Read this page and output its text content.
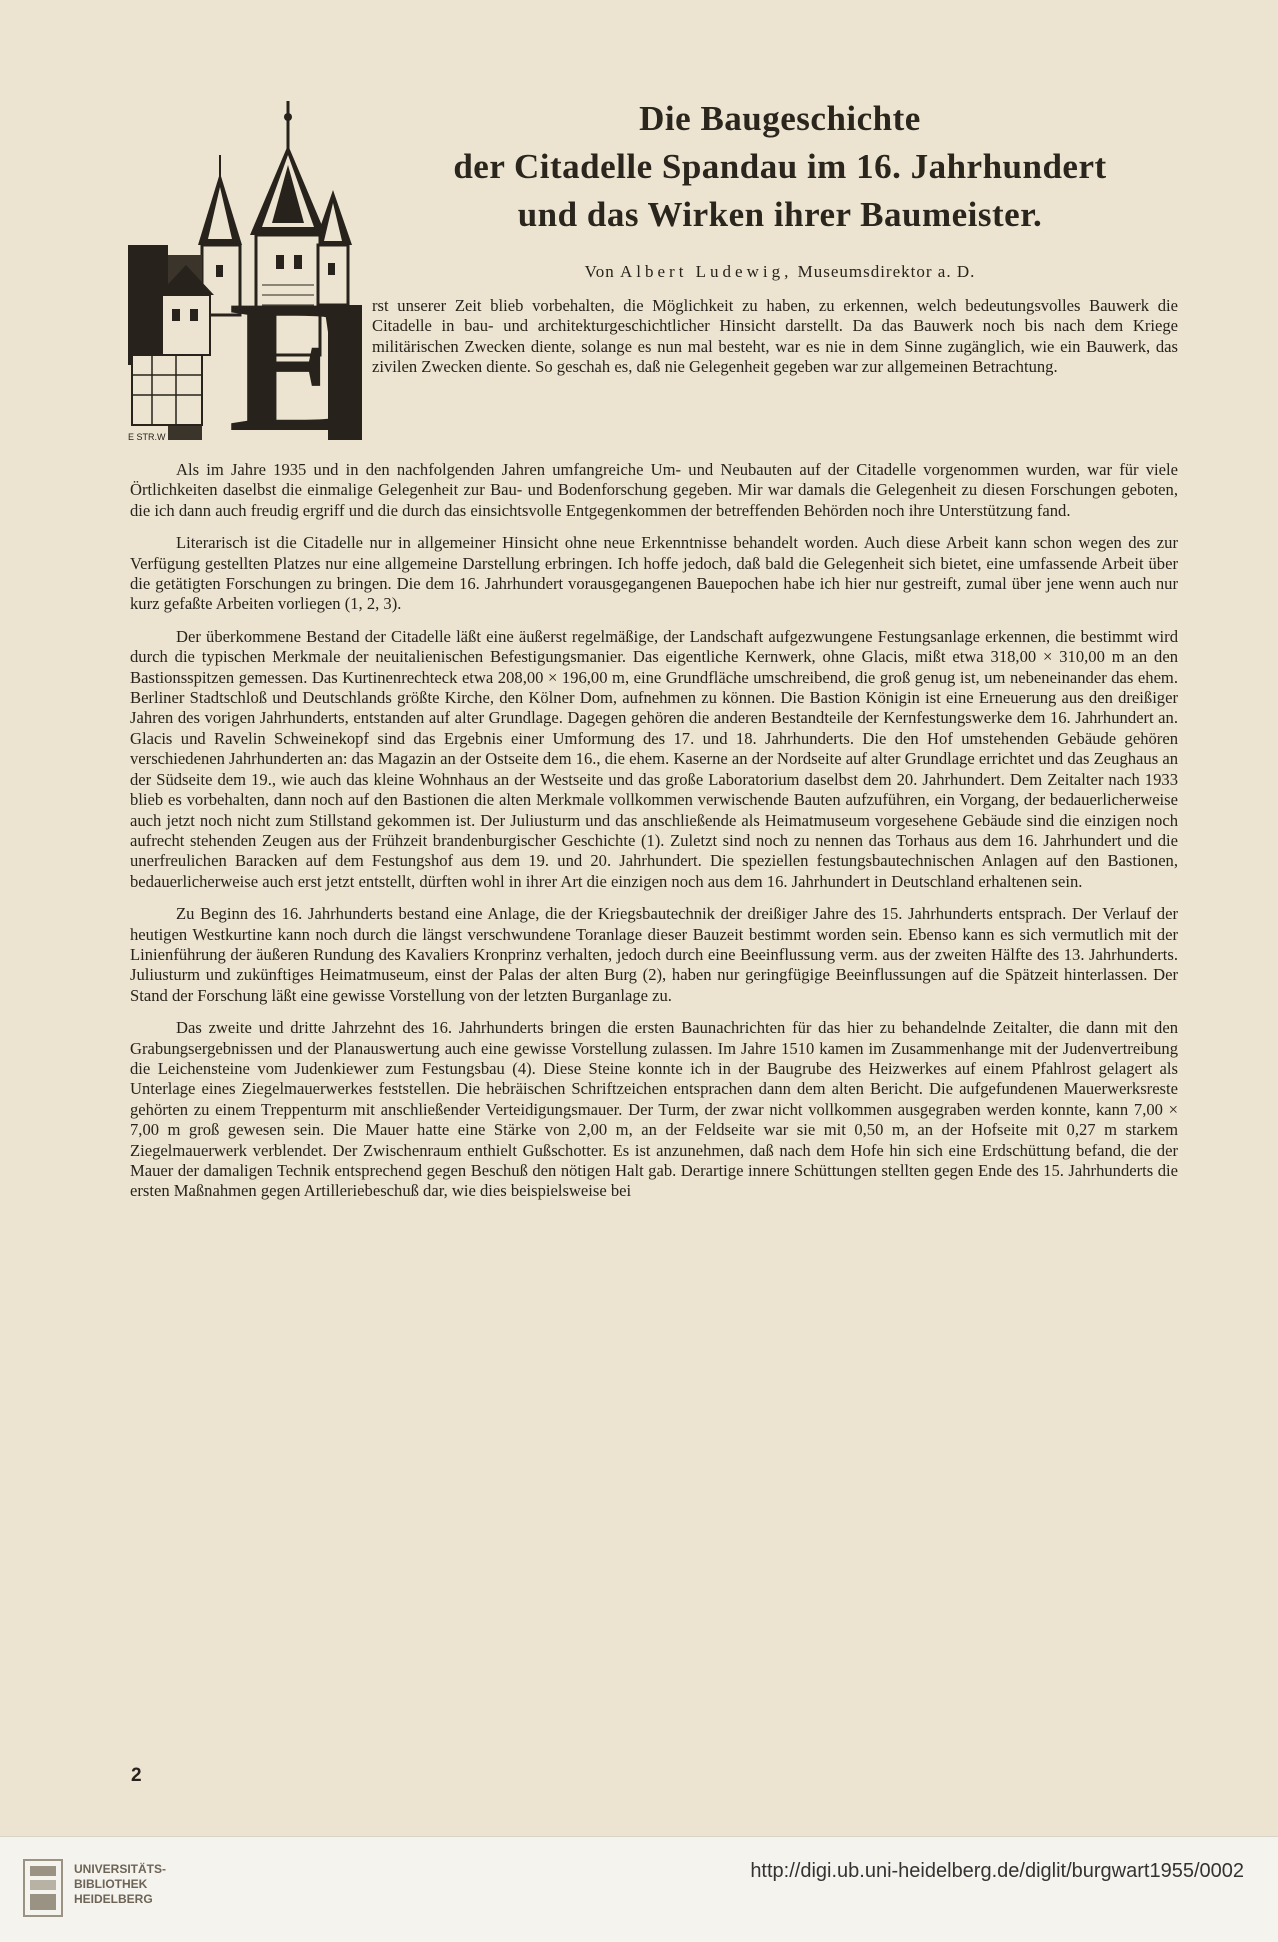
E
E STR.W
Die Baugeschichte
der Citadelle Spandau im 16. Jahrhundert
und das Wirken ihrer Baumeister.
Von Albert Ludewig, Museumsdirektor a. D.
rst unserer Zeit blieb vorbehalten, die Möglichkeit zu haben, zu erkennen, welch bedeutungsvolles Bauwerk die Citadelle in bau- und architekturgeschichtlicher Hinsicht darstellt. Da das Bauwerk noch bis nach dem Kriege militärischen Zwecken diente, solange es nun mal besteht, war es nie in dem Sinne zugänglich, wie ein Bauwerk, das zivilen Zwecken diente. So geschah es, daß nie Gelegenheit gegeben war zur allgemeinen Betrachtung.

Als im Jahre 1935 und in den nachfolgenden Jahren umfangreiche Um- und Neubauten auf der Citadelle vorgenommen wurden, war für viele Örtlichkeiten daselbst die einmalige Gelegenheit zur Bau- und Bodenforschung gegeben. Mir war damals die Gelegenheit zu diesen Forschungen geboten, die ich dann auch freudig ergriff und die durch das einsichtsvolle Entgegenkommen der betreffenden Behörden noch ihre Unterstützung fand.

Literarisch ist die Citadelle nur in allgemeiner Hinsicht ohne neue Erkenntnisse behandelt worden. Auch diese Arbeit kann schon wegen des zur Verfügung gestellten Platzes nur eine allgemeine Darstellung erbringen. Ich hoffe jedoch, daß bald die Gelegenheit sich bietet, eine umfassende Arbeit über die getätigten Forschungen zu bringen. Die dem 16. Jahrhundert vorausgegangenen Bauepochen habe ich hier nur gestreift, zumal über jene wenn auch nur kurz gefaßte Arbeiten vorliegen (1, 2, 3).

Der überkommene Bestand der Citadelle läßt eine äußerst regelmäßige, der Landschaft aufgezwungene Festungsanlage erkennen, die bestimmt wird durch die typischen Merkmale der neuitalienischen Befestigungsmanier. Das eigentliche Kernwerk, ohne Glacis, mißt etwa 318,00 × 310,00 m an den Bastionsspitzen gemessen. Das Kurtinenrechteck etwa 208,00 × 196,00 m, eine Grundfläche umschreibend, die groß genug ist, um nebeneinander das ehem. Berliner Stadtschloß und Deutschlands größte Kirche, den Kölner Dom, aufnehmen zu können. Die Bastion Königin ist eine Erneuerung aus den dreißiger Jahren des vorigen Jahrhunderts, entstanden auf alter Grundlage. Dagegen gehören die anderen Bestandteile der Kernfestungswerke dem 16. Jahrhundert an. Glacis und Ravelin Schweinekopf sind das Ergebnis einer Umformung des 17. und 18. Jahrhunderts. Die den Hof umstehenden Gebäude gehören verschiedenen Jahrhunderten an: das Magazin an der Ostseite dem 16., die ehem. Kaserne an der Nordseite auf alter Grundlage errichtet und das Zeughaus an der Südseite dem 19., wie auch das kleine Wohnhaus an der Westseite und das große Laboratorium daselbst dem 20. Jahrhundert. Dem Zeitalter nach 1933 blieb es vorbehalten, dann noch auf den Bastionen die alten Merkmale vollkommen verwischende Bauten aufzuführen, ein Vorgang, der bedauerlicherweise auch jetzt noch nicht zum Stillstand gekommen ist. Der Juliusturm und das anschließende als Heimatmuseum vorgesehene Gebäude sind die einzigen noch aufrecht stehenden Zeugen aus der Frühzeit brandenburgischer Geschichte (1). Zuletzt sind noch zu nennen das Torhaus aus dem 16. Jahrhundert und die unerfreulichen Baracken auf dem Festungshof aus dem 19. und 20. Jahrhundert. Die speziellen festungsbautechnischen Anlagen auf den Bastionen, bedauerlicherweise auch erst jetzt entstellt, dürften wohl in ihrer Art die einzigen noch aus dem 16. Jahrhundert in Deutschland erhaltenen sein.

Zu Beginn des 16. Jahrhunderts bestand eine Anlage, die der Kriegsbautechnik der dreißiger Jahre des 15. Jahrhunderts entsprach. Der Verlauf der heutigen Westkurtine kann noch durch die längst verschwundene Toranlage dieser Bauzeit bestimmt worden sein. Ebenso kann es sich vermutlich mit der Linienführung der äußeren Rundung des Kavaliers Kronprinz verhalten, jedoch durch eine Beeinflussung verm. aus der zweiten Hälfte des 13. Jahrhunderts. Juliusturm und zukünftiges Heimatmuseum, einst der Palas der alten Burg (2), haben nur geringfügige Beeinflussungen auf die Spätzeit hinterlassen. Der Stand der Forschung läßt eine gewisse Vorstellung von der letzten Burganlage zu.

Das zweite und dritte Jahrzehnt des 16. Jahrhunderts bringen die ersten Baunachrichten für das hier zu behandelnde Zeitalter, die dann mit den Grabungsergebnissen und der Planauswertung auch eine gewisse Vorstellung zulassen. Im Jahre 1510 kamen im Zusammenhange mit der Judenvertreibung die Leichensteine vom Judenkiewer zum Festungsbau (4). Diese Steine konnte ich in der Baugrube des Heizwerkes auf einem Pfahlrost gelagert als Unterlage eines Ziegelmauerwerkes feststellen. Die hebräischen Schriftzeichen entsprachen dann dem alten Bericht. Die aufgefundenen Mauerwerksreste gehörten zu einem Treppenturm mit anschließender Verteidigungsmauer. Der Turm, der zwar nicht vollkommen ausgegraben werden konnte, kann 7,00 × 7,00 m groß gewesen sein. Die Mauer hatte eine Stärke von 2,00 m, an der Feldseite war sie mit 0,50 m, an der Hofseite mit 0,27 m starkem Ziegelmauerwerk verblendet. Der Zwischenraum enthielt Gußschotter. Es ist anzunehmen, daß nach dem Hofe hin sich eine Erdschüttung befand, die der Mauer der damaligen Technik entsprechend gegen Beschuß den nötigen Halt gab. Derartige innere Schüttungen stellten gegen Ende des 15. Jahrhunderts die ersten Maßnahmen gegen Artilleriebeschuß dar, wie dies beispielsweise bei

2
UNIVERSITÄTS-
BIBLIOTHEK
HEIDELBERG
http://digi.ub.uni-heidelberg.de/diglit/burgwart1955/0002
